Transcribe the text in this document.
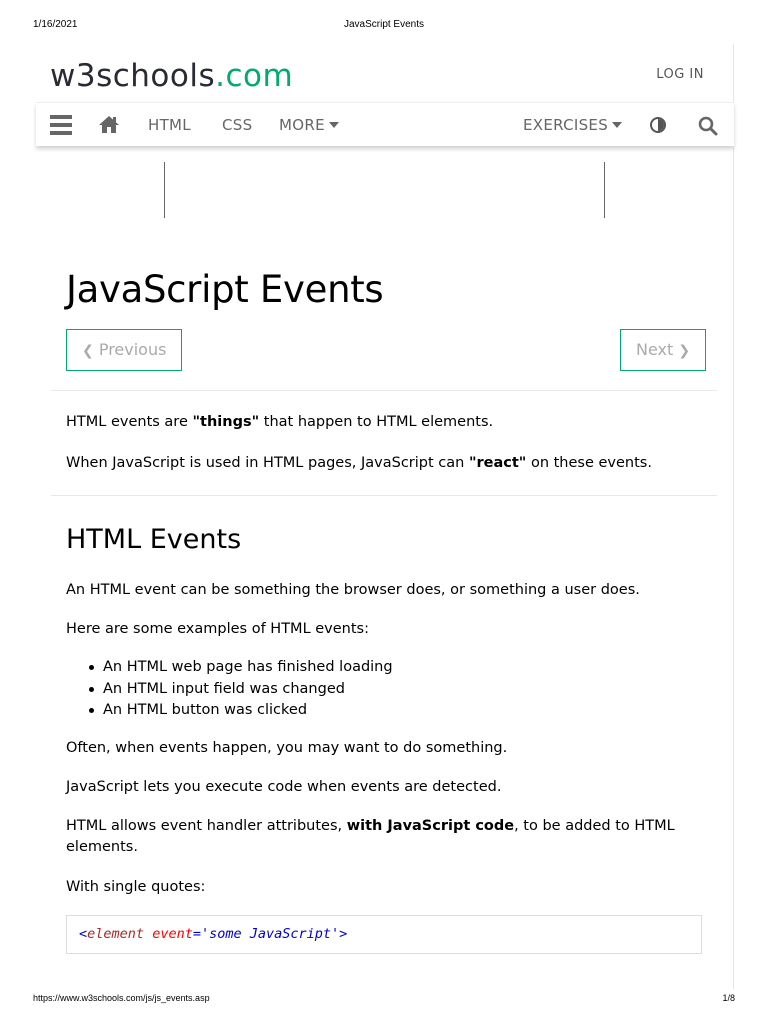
1/16/2021	JavaScript Events
w3schools.com	LOG IN
HTML CSS MORE	EXERCISES
JavaScript Events
❮ Previous	Next ❯

HTML events are "things" that happen to HTML elements.

When JavaScript is used in HTML pages, JavaScript can "react" on these events.

HTML Events

An HTML event can be something the browser does, or something a user does.

Here are some examples of HTML events:

An HTML web page has finished loading
An HTML input field was changed
An HTML button was clicked

Often, when events happen, you may want to do something.

JavaScript lets you execute code when events are detected.

HTML allows event handler attributes, with JavaScript code, to be added to HTML elements.

With single quotes:

<element event='some JavaScript'>
https://www.w3schools.com/js/js_events.asp	1/8
